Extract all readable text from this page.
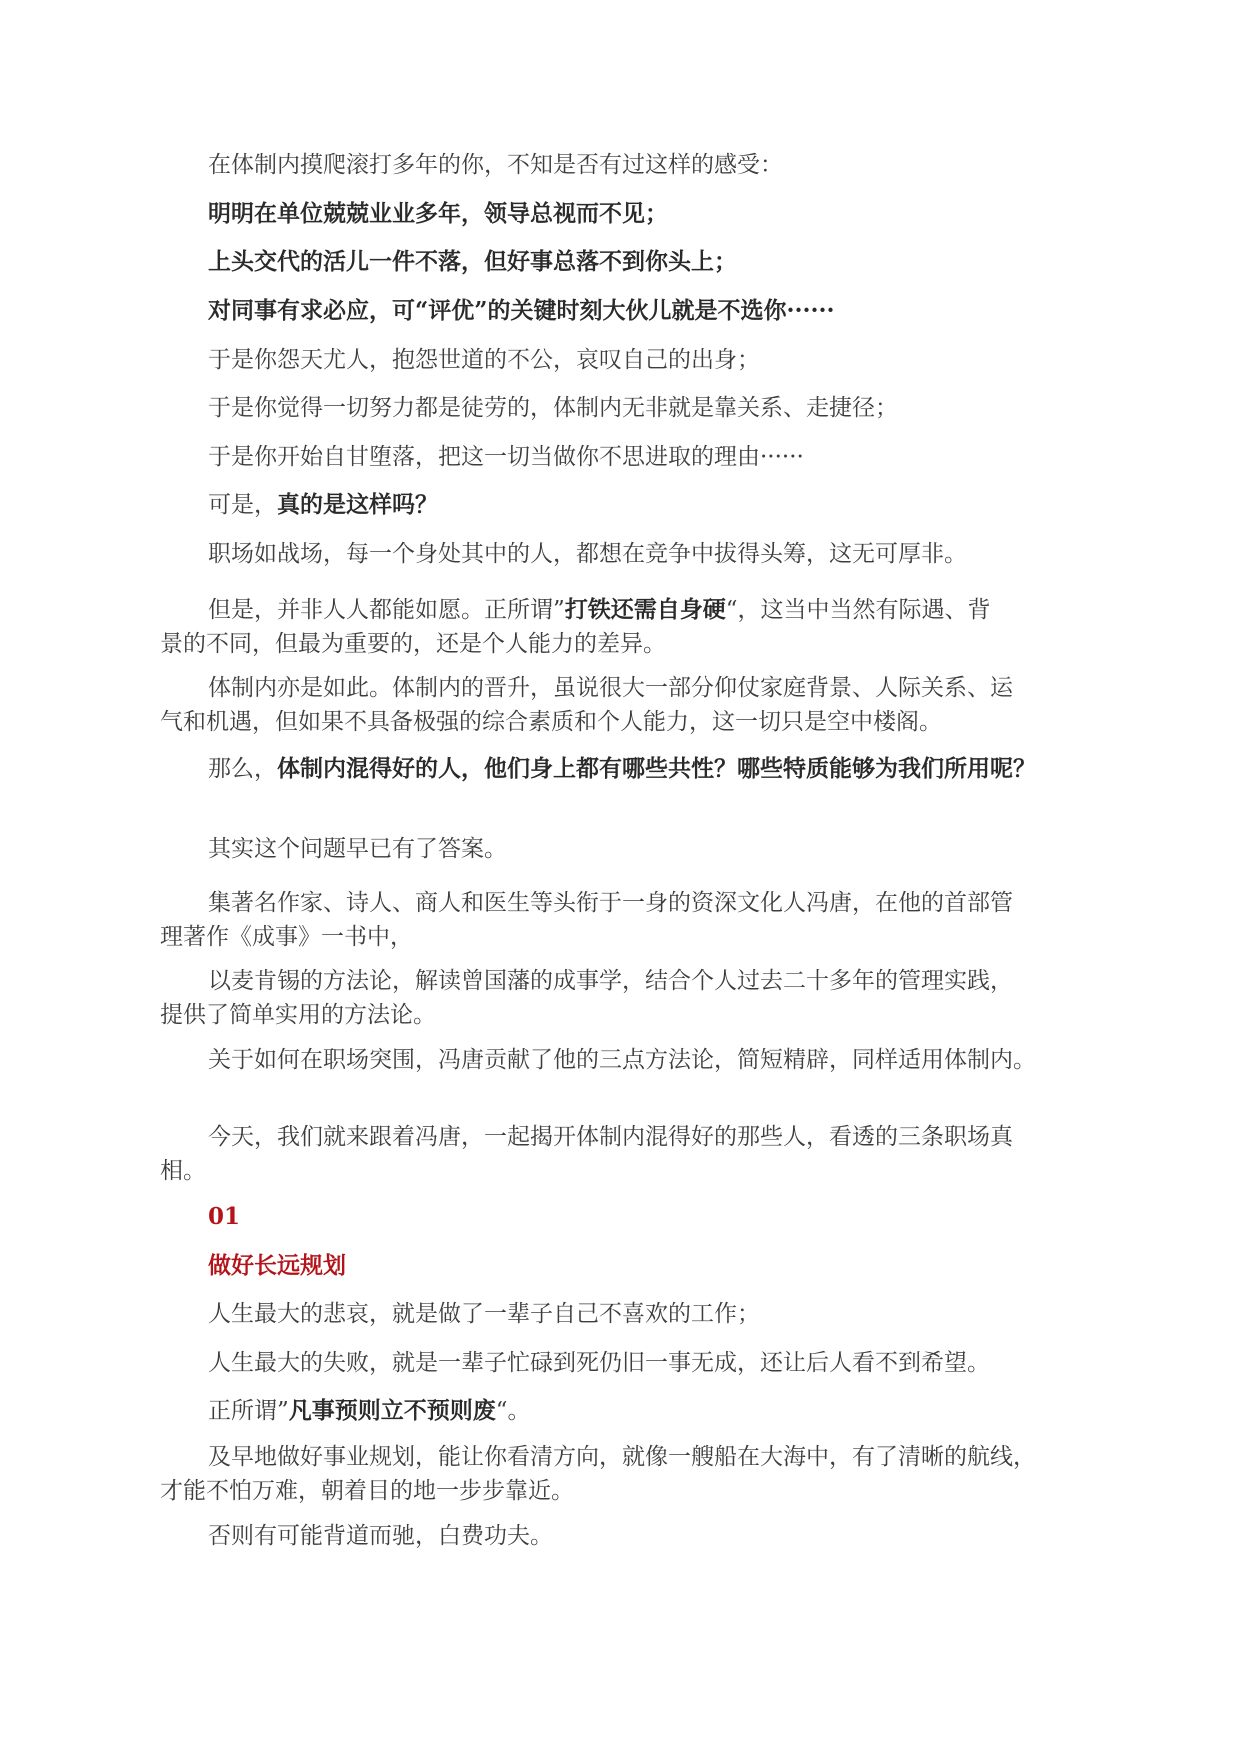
在体制内摸爬滚打多年的你，不知是否有过这样的感受：
明明在单位兢兢业业多年，领导总视而不见；
上头交代的活儿一件不落，但好事总落不到你头上；
对同事有求必应，可“评优”的关键时刻大伙儿就是不选你······
于是你怨天尤人，抱怨世道的不公，哀叹自己的出身；
于是你觉得一切努力都是徒劳的，体制内无非就是靠关系、走捷径；
于是你开始自甘堕落，把这一切当做你不思进取的理由······
可是，真的是这样吗？
职场如战场，每一个身处其中的人，都想在竞争中拔得头筹，这无可厚非。
但是，并非人人都能如愿。正所谓”打铁还需自身硬“，这当中当然有际遇、背
景的不同，但最为重要的，还是个人能力的差异。
体制内亦是如此。体制内的晋升，虽说很大一部分仰仗家庭背景、人际关系、运
气和机遇，但如果不具备极强的综合素质和个人能力，这一切只是空中楼阁。
那么，体制内混得好的人，他们身上都有哪些共性？哪些特质能够为我们所用呢？
其实这个问题早已有了答案。
集著名作家、诗人、商人和医生等头衔于一身的资深文化人冯唐，在他的首部管
理著作《成事》一书中，
以麦肯锡的方法论，解读曾国藩的成事学，结合个人过去二十多年的管理实践，
提供了简单实用的方法论。
关于如何在职场突围，冯唐贡献了他的三点方法论，简短精辟，同样适用体制内。
今天，我们就来跟着冯唐，一起揭开体制内混得好的那些人，看透的三条职场真
相。
01
做好长远规划
人生最大的悲哀，就是做了一辈子自己不喜欢的工作；
人生最大的失败，就是一辈子忙碌到死仍旧一事无成，还让后人看不到希望。
正所谓”凡事预则立不预则废“。
及早地做好事业规划，能让你看清方向，就像一艘船在大海中，有了清晰的航线，
才能不怕万难，朝着目的地一步步靠近。
否则有可能背道而驰，白费功夫。
